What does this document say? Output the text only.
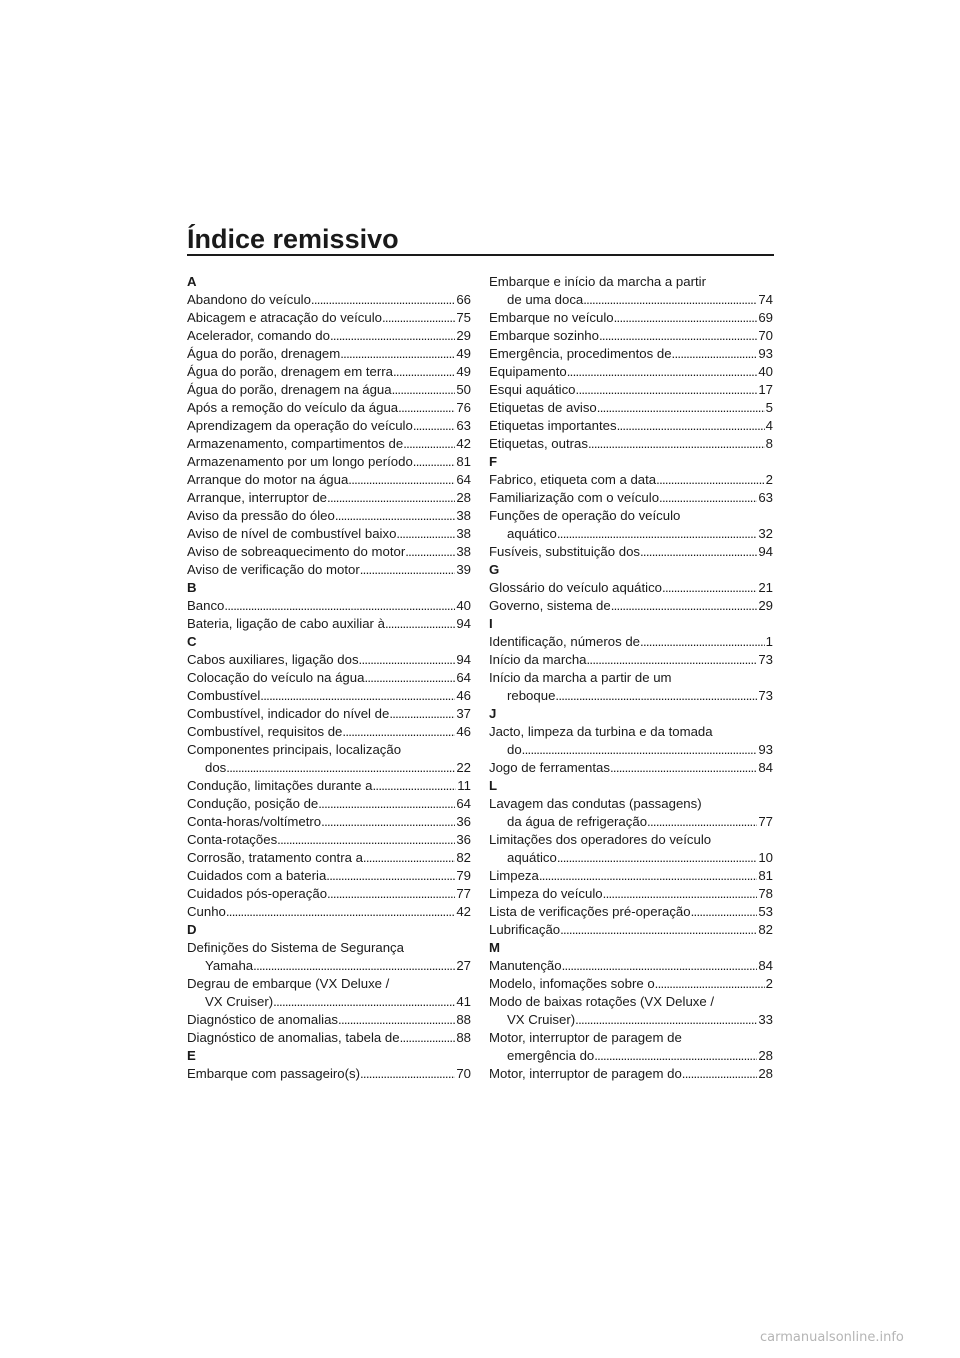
Índice remissivo
A
Abandono do veículo . . .	66
Abicagem e atracação do veículo . . .	75
Acelerador, comando do . . .	29
Água do porão, drenagem . . .	49
Água do porão, drenagem em terra . . .	49
Água do porão, drenagem na água . . .	50
Após a remoção do veículo da água . . .	76
Aprendizagem da operação do veículo . . .	63
Armazenamento, compartimentos de . . .	42
Armazenamento por um longo período . . .	81
Arranque do motor na água . . .	64
Arranque, interruptor de . . .	28
Aviso da pressão do óleo . . .	38
Aviso de nível de combustível baixo . . .	38
Aviso de sobreaquecimento do motor . . .	38
Aviso de verificação do motor . . .	39
B
Banco . . .	40
Bateria, ligação de cabo auxiliar à . . .	94
C
Cabos auxiliares, ligação dos . . .	94
Colocação do veículo na água . . .	64
Combustível . . .	46
Combustível, indicador do nível de . . .	37
Combustível, requisitos de . . .	46
Componentes principais, localização
dos . . .	22
Condução, limitações durante a . . .	11
Condução, posição de . . .	64
Conta-horas/voltímetro . . .	36
Conta-rotações . . .	36
Corrosão, tratamento contra a . . .	82
Cuidados com a bateria . . .	79
Cuidados pós-operação . . .	77
Cunho . . .	42
D
Definições do Sistema de Segurança
Yamaha . . .	27
Degrau de embarque (VX Deluxe /
VX Cruiser) . . .	41
Diagnóstico de anomalias . . .	88
Diagnóstico de anomalias, tabela de . . .	88
E
Embarque com passageiro(s) . . .	70
Embarque e início da marcha a partir
de uma doca . . .	74
Embarque no veículo . . .	69
Embarque sozinho . . .	70
Emergência, procedimentos de . . .	93
Equipamento . . .	40
Esqui aquático . . .	17
Etiquetas de aviso . . .	5
Etiquetas importantes . . .	4
Etiquetas, outras . . .	8
F
Fabrico, etiqueta com a data . . .	2
Familiarização com o veículo . . .	63
Funções de operação do veículo
aquático . . .	32
Fusíveis, substituição dos . . .	94
G
Glossário do veículo aquático . . .	21
Governo, sistema de . . .	29
I
Identificação, números de . . .	1
Início da marcha . . .	73
Início da marcha a partir de um
reboque . . .	73
J
Jacto, limpeza da turbina e da tomada
do . . .	93
Jogo de ferramentas . . .	84
L
Lavagem das condutas (passagens)
da água de refrigeração . . .	77
Limitações dos operadores do veículo
aquático . . .	10
Limpeza . . .	81
Limpeza do veículo . . .	78
Lista de verificações pré-operação . . .	53
Lubrificação . . .	82
M
Manutenção . . .	84
Modelo, infomações sobre o . . .	2
Modo de baixas rotações (VX Deluxe /
VX Cruiser) . . .	33
Motor, interruptor de paragem de
emergência do . . .	28
Motor, interruptor de paragem do . . .	28
carmanualsonline.info
